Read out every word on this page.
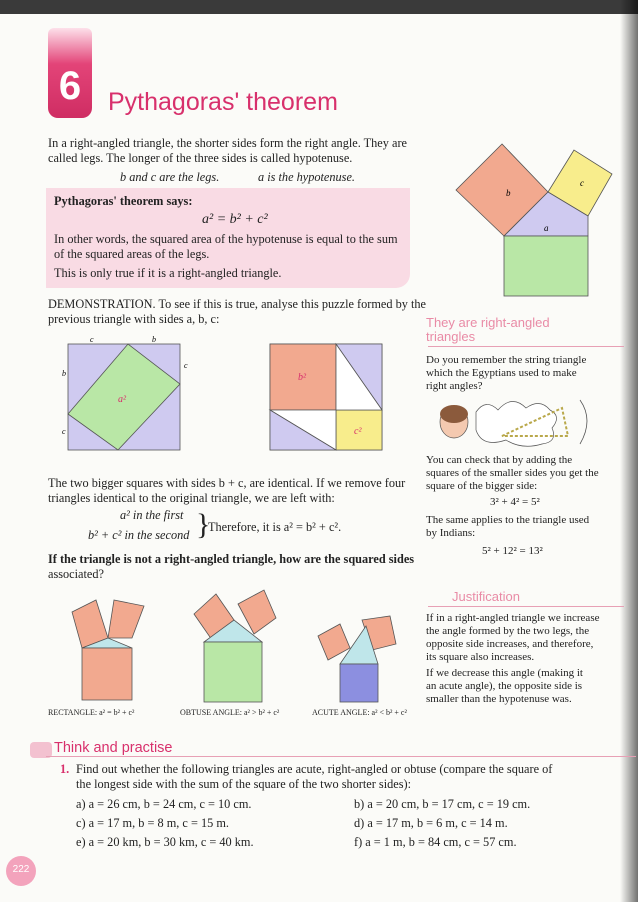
6	Pythagoras' theorem
In a right-angled triangle, the shorter sides form the right angle. They are
called legs. The longer of the three sides is called hypotenuse.
b and c are the legs.	a is the hypotenuse.
Pythagoras' theorem says:
a² = b² + c²
In other words, the squared area of the hypotenuse is equal to the sum
of the squared areas of the legs.
This is only true if it is a right-angled triangle.
DEMONSTRATION. To see if this is true, analyse this puzzle formed by the
previous triangle with sides a, b, c:
b
c
a
b
c
c	b
c
a²
b²
c²
The two bigger squares with sides b + c, are identical. If we remove four
triangles identical to the original triangle, we are left with:
a² in the first
b² + c² in the second }
Therefore, it is a² = b² + c².
If the triangle is not a right-angled triangle, how are the squared sides
associated?
RECTANGLE: a² = b² + c²	OBTUSE ANGLE: a² > b² + c²	ACUTE ANGLE: a² < b² + c²
They are right-angled
triangles
Do you remember the string triangle
which the Egyptians used to make
right angles?
You can check that by adding the
squares of the smaller sides you get the
square of the bigger side:
3² + 4² = 5²
The same applies to the triangle used
by Indians:
5² + 12² = 13²
Justification
If in a right-angled triangle we increase
the angle formed by the two legs, the
opposite side increases, and therefore,
its square also increases.
If we decrease this angle (making it
an acute angle), the opposite side is
smaller than the hypotenuse was.
Think and practise
1. Find out whether the following triangles are acute, right-angled or obtuse (compare the square of
the longest side with the sum of the square of the two shorter sides):
a) a = 26 cm, b = 24 cm, c = 10 cm.	b) a = 20 cm, b = 17 cm, c = 19 cm.
c) a = 17 m, b = 8 m, c = 15 m.	d) a = 17 m, b = 6 m, c = 14 m.
e) a = 20 km, b = 30 km, c = 40 km.	f) a = 1 m, b = 84 cm, c = 57 cm.
222
